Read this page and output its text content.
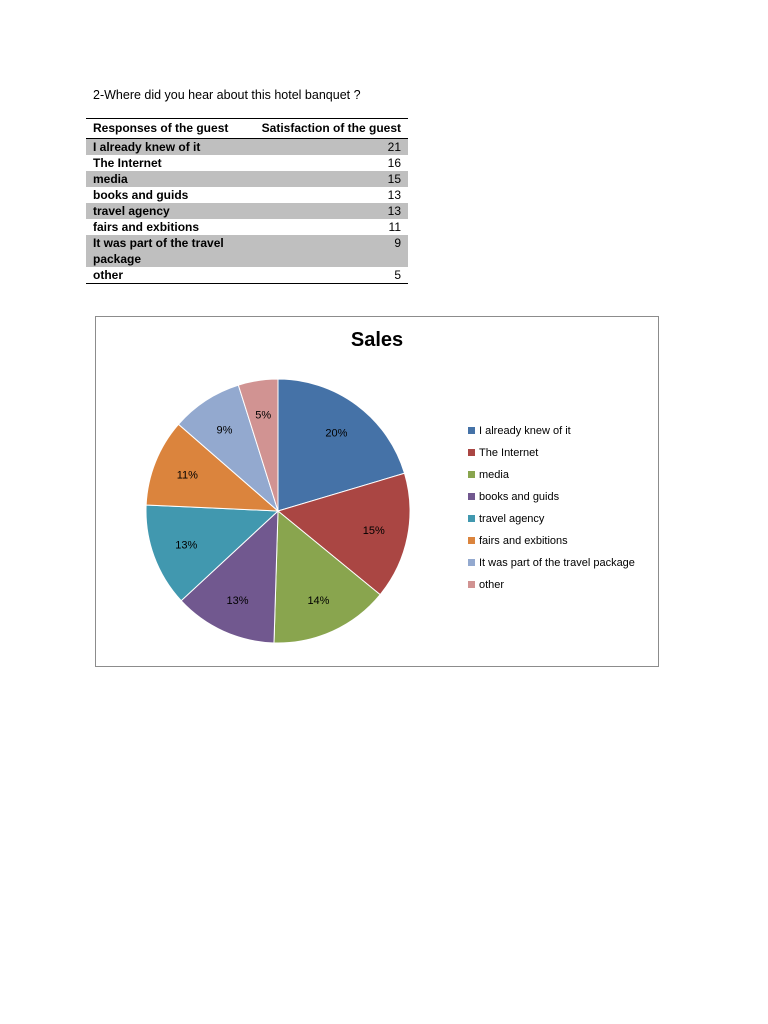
2-Where did you hear about this hotel banquet ?
Responses of the guest	Satisfaction of the guest
I already knew of it	21
The Internet	16
media	15
books and guids	13
travel agency	13
fairs and exbitions	11
It was part of the travel package	9
other	5
Sales
20%
15%
14%
13%
13%
11%
9%
5%
I already knew of it
The Internet
media
books and guids
travel agency
fairs and exbitions
It was part of the travel package
other
